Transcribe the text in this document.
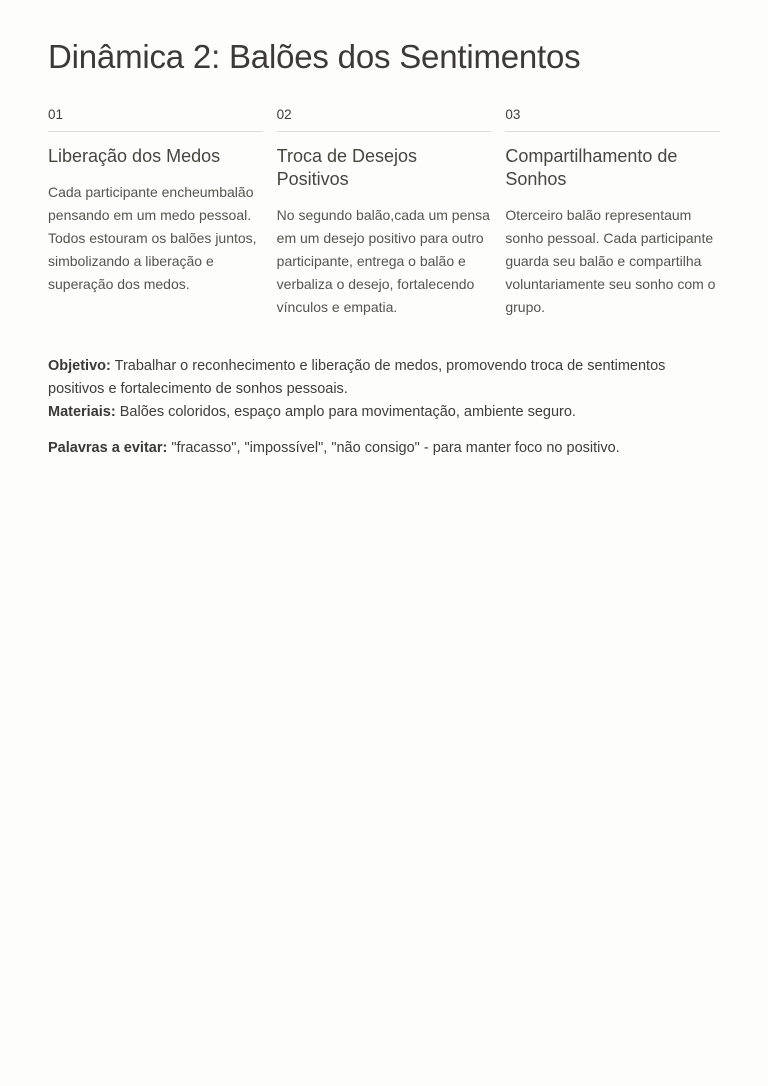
Dinâmica 2: Balões dos Sentimentos
01
Liberação dos Medos

Cada participante encheumbalão pensando em um medo pessoal. Todos estouram os balões juntos, simbolizando a liberação e superação dos medos.

02
Troca de Desejos Positivos

No segundo balão,cada um pensa em um desejo positivo para outro participante, entrega o balão e verbaliza o desejo, fortalecendo vínculos e empatia.

03
Compartilhamento de Sonhos

Oterceiro balão representaum sonho pessoal. Cada participante guarda seu balão e compartilha voluntariamente seu sonho com o grupo.

Objetivo: Trabalhar o reconhecimento e liberação de medos, promovendo troca de sentimentos positivos e fortalecimento de sonhos pessoais.

Materiais: Balões coloridos, espaço amplo para movimentação, ambiente seguro.

Palavras a evitar: "fracasso", "impossível", "não consigo" - para manter foco no positivo.
